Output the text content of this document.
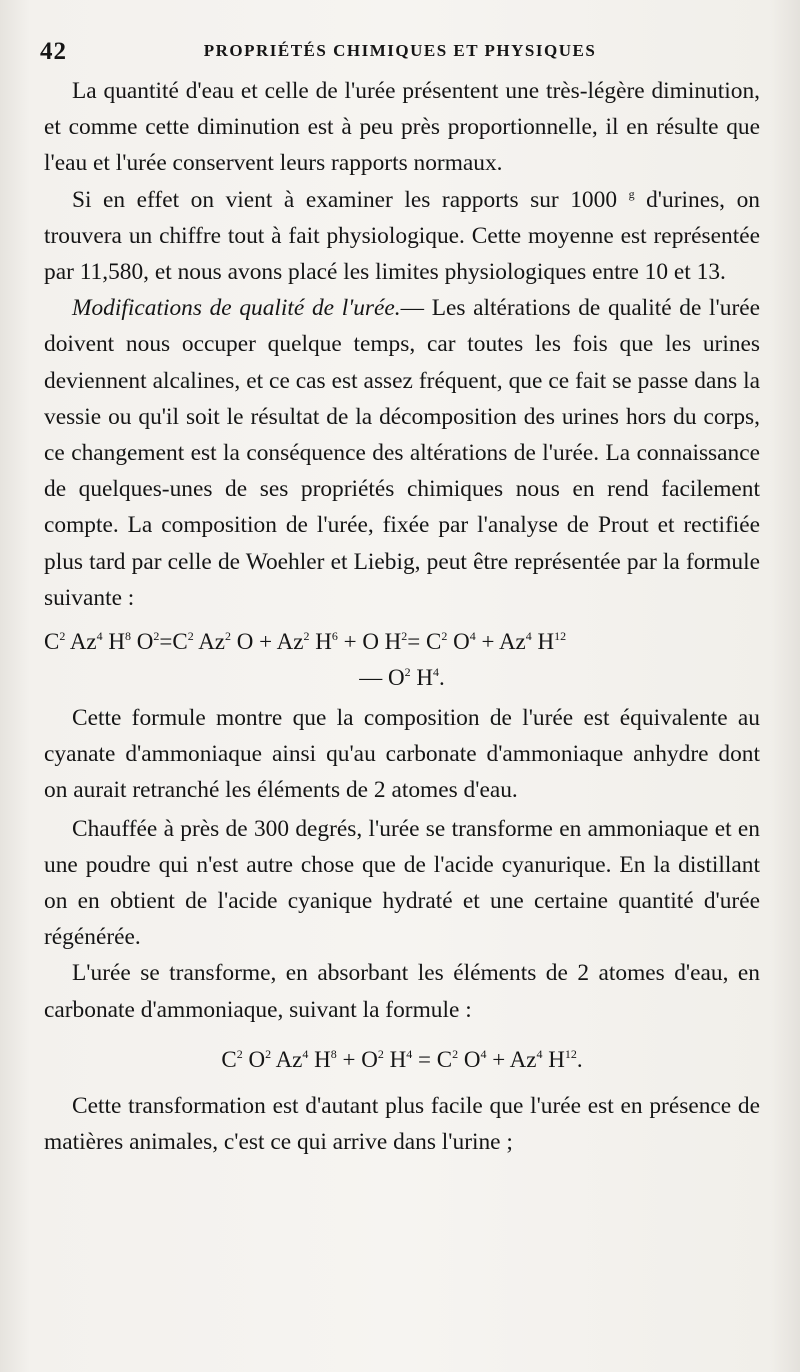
42	PROPRIÉTÉS CHIMIQUES ET PHYSIQUES

La quantité d'eau et celle de l'urée présentent une très-légère diminution, et comme cette diminution est à peu près proportionnelle, il en résulte que l'eau et l'urée conservent leurs rapports normaux.

Si en effet on vient à examiner les rapports sur 1000 $^g$ d'urines, on trouvera un chiffre tout à fait physiologique. Cette moyenne est représentée par 11,580, et nous avons placé les limites physiologiques entre 10 et 13.

Modifications de qualité de l'urée.— Les altérations de qualité de l'urée doivent nous occuper quelque temps, car toutes les fois que les urines deviennent alcalines, et ce cas est assez fréquent, que ce fait se passe dans la vessie ou qu'il soit le résultat de la décomposition des urines hors du corps, ce changement est la conséquence des altérations de l'urée. La connaissance de quelques-unes de ses propriétés chimiques nous en rend facilement compte. La composition de l'urée, fixée par l'analyse de Prout et rectifiée plus tard par celle de Woehler et Liebig, peut être représentée par la formule suivante :

$C^2$ Az$^4$ $H^8$ $O^2=C^2$ Az$^2$ $O + Az^2$ $H^6 + O$ $H^2= C^2$ $O^4 + Az^4$ $H^{12}$
— $O^2$ $H^4$.

Cette formule montre que la composition de l'urée est équivalente au cyanate d'ammoniaque ainsi qu'au carbonate d'ammoniaque anhydre dont on aurait retranché les éléments de 2 atomes d'eau.

Chauffée à près de 300 degrés, l'urée se transforme en ammoniaque et en une poudre qui n'est autre chose que de l'acide cyanurique. En la distillant on en obtient de l'acide cyanique hydraté et une certaine quantité d'urée régénérée.

L'urée se transforme, en absorbant les éléments de 2 atomes d'eau, en carbonate d'ammoniaque, suivant la formule :

$C^2$ $O^2$ Az$^4$ $H^8 + O^2$ $H^4 = C^2$ $O^4 + Az^4$ $H^{12}$.

Cette transformation est d'autant plus facile que l'urée est en présence de matières animales, c'est ce qui arrive dans l'urine ;
